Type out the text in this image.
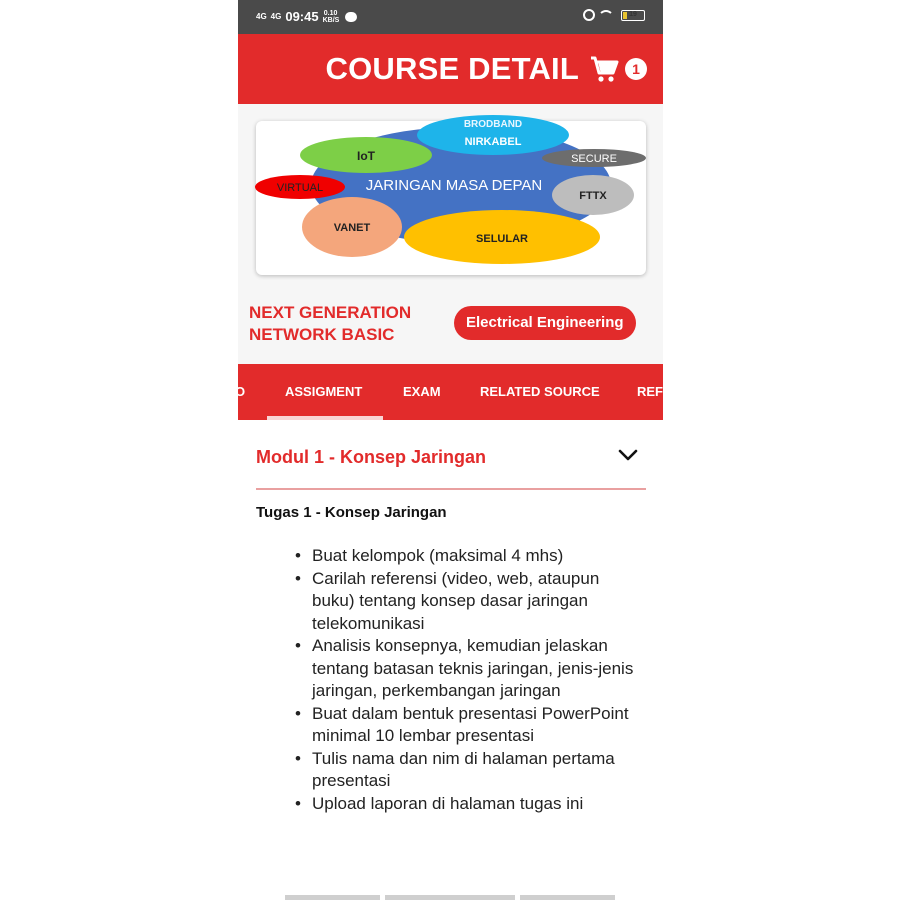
4G 4G 09:45 0.10 KB/S
19
COURSE DETAIL	1
BRODBAND
NIRKABEL
IoT	SECURE
VIRTUAL	JARINGAN MASA DEPAN
FTTX
VANET
SELULAR
NEXT GENERATION NETWORK BASIC
Electrical Engineering
O	ASSIGMENT	EXAM	RELATED SOURCE	REFI
Modul 1 - Konsep Jaringan
Tugas 1 - Konsep Jaringan
• Buat kelompok (maksimal 4 mhs)
• Carilah referensi (video, web, ataupun buku) tentang konsep dasar jaringan telekomunikasi
• Analisis konsepnya, kemudian jelaskan tentang batasan teknis jaringan, jenis-jenis jaringan, perkembangan jaringan
• Buat dalam bentuk presentasi PowerPoint minimal 10 lembar presentasi
• Tulis nama dan nim di halaman pertama presentasi
• Upload laporan di halaman tugas ini
